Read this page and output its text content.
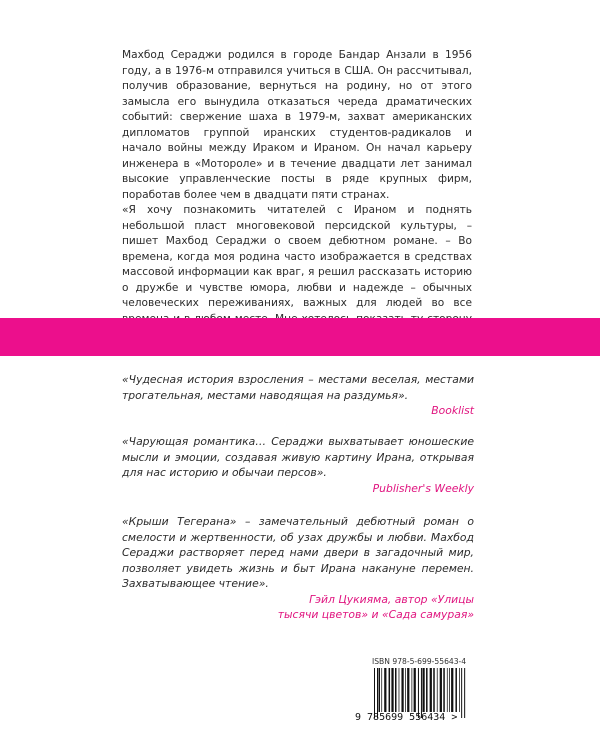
Махбод Сераджи родился в городе Бандар Анзали в 1956 году, а в 1976-м отправился учиться в США. Он рассчитывал, получив образование, вернуться на родину, но от этого замысла его вынудила отказаться череда драматических событий: свержение шаха в 1979-м, захват американских дипломатов группой иранских студентов-радикалов и начало войны между Ираком и Ираном. Он начал карьеру инженера в «Моторолe» и в течение двадцати лет занимал высокие управленческие посты в ряде крупных фирм, поработав более чем в двадцати пяти странах.

«Я хочу познакомить читателей с Ираном и поднять небольшой пласт многовековой персидской культуры, – пишет Махбод Сераджи о своем дебютном романе. – Во времена, когда моя родина часто изображается в средствах массовой информации как враг, я решил рассказать историю о дружбе и чувстве юмора, любви и надежде – обычных человеческих переживаниях, важных для людей во все

«Чудесная история взросления – местами веселая, местами трогательная, местами наводящая на раздумья».

Booklist

«Чарующая романтика… Сераджи выхватывает юношеские мысли и эмоции, создавая живую картину Ирана, открывая для нас историю и обычаи персов».

Publisher's Weekly

«Крыши Тегерана» – замечательный дебютный роман о смелости и жертвенности, об узах дружбы и любви. Махбод Сераджи растворяет перед нами двери в загадочный мир, позволяет увидеть жизнь и быт Ирана накануне перемен. Захватывающее чтение».

Гэйл Цукияма, автор «Улицы

тысячи цветов» и «Сада самурая»

ISBN 978-5-699-55643-4
9 785699 556434 >
